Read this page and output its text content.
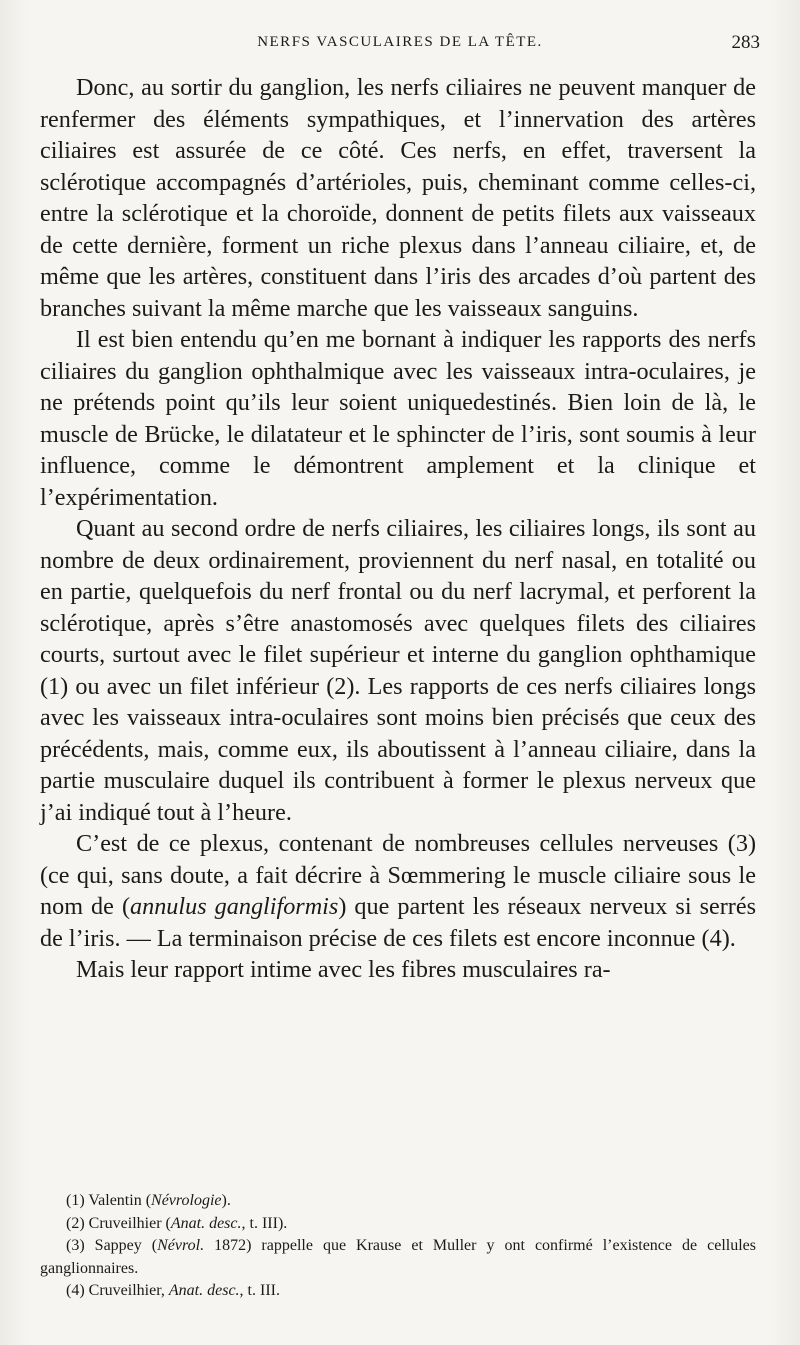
NERFS VASCULAIRES DE LA TÊTE.	283

Donc, au sortir du ganglion, les nerfs ciliaires ne peuvent manquer de renfermer des éléments sympathiques, et l’innervation des artères ciliaires est assurée de ce côté. Ces nerfs, en effet, traversent la sclérotique accompagnés d’artérioles, puis, cheminant comme celles-ci, entre la sclérotique et la choroïde, donnent de petits filets aux vaisseaux de cette dernière, forment un riche plexus dans l’anneau ciliaire, et, de même que les artères, constituent dans l’iris des arcades d’où partent des branches suivant la même marche que les vaisseaux sanguins.

Il est bien entendu qu’en me bornant à indiquer les rapports des nerfs ciliaires du ganglion ophthalmique avec les vaisseaux intra-oculaires, je ne prétends point qu’ils leur soient uniquedestinés. Bien loin de là, le muscle de Brücke, le dilatateur et le sphincter de l’iris, sont soumis à leur influence, comme le démontrent amplement et la clinique et l’expérimentation.

Quant au second ordre de nerfs ciliaires, les ciliaires longs, ils sont au nombre de deux ordinairement, proviennent du nerf nasal, en totalité ou en partie, quelquefois du nerf frontal ou du nerf lacrymal, et perforent la sclérotique, après s’être anastomosés avec quelques filets des ciliaires courts, surtout avec le filet supérieur et interne du ganglion ophthamique (1) ou avec un filet inférieur (2). Les rapports de ces nerfs ciliaires longs avec les vaisseaux intra-oculaires sont moins bien précisés que ceux des précédents, mais, comme eux, ils aboutissent à l’anneau ciliaire, dans la partie musculaire duquel ils contribuent à former le plexus nerveux que j’ai indiqué tout à l’heure.

C’est de ce plexus, contenant de nombreuses cellules nerveuses (3) (ce qui, sans doute, a fait décrire à Sœmmering le muscle ciliaire sous le nom de (annulus gangliformis) que partent les réseaux nerveux si serrés de l’iris. — La terminaison précise de ces filets est encore inconnue (4).

Mais leur rapport intime avec les fibres musculaires ra-

(1) Valentin (Névrologie).

(2) Cruveilhier (Anat. desc., t. III).

(3) Sappey (Névrol. 1872) rappelle que Krause et Muller y ont confirmé l’existence de cellules ganglionnaires.

(4) Cruveilhier, Anat. desc., t. III.
